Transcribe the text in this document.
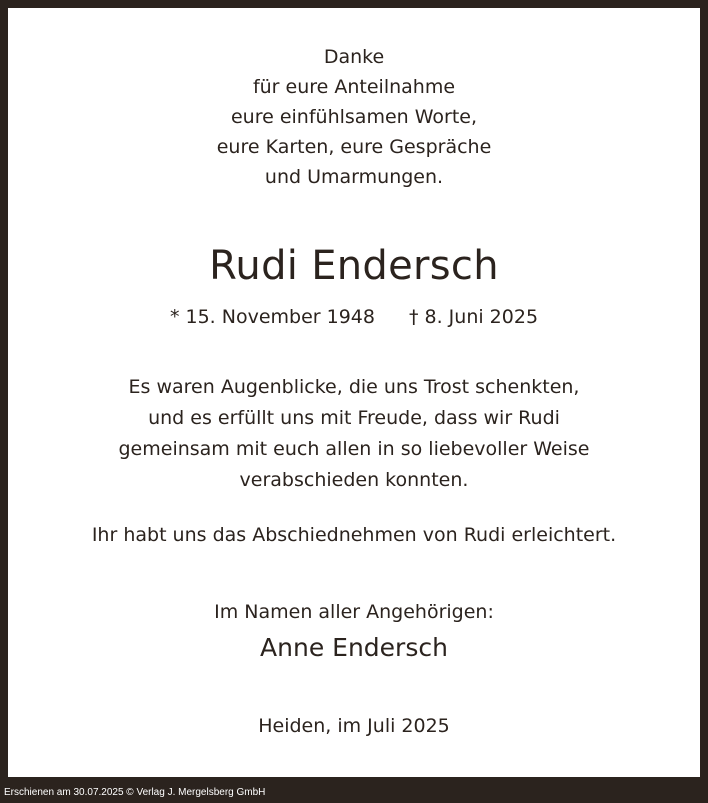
Danke
für eure Anteilnahme
eure einfühlsamen Worte,
eure Karten, eure Gespräche
und Umarmungen.
Rudi Endersch
* 15. November 1948 † 8. Juni 2025
Es waren Augenblicke, die uns Trost schenkten,
und es erfüllt uns mit Freude, dass wir Rudi
gemeinsam mit euch allen in so liebevoller Weise
verabschieden konnten.
Ihr habt uns das Abschiednehmen von Rudi erleichtert.
Im Namen aller Angehörigen:
Anne Endersch
Heiden, im Juli 2025
Erschienen am 30.07.2025 © Verlag J. Mergelsberg GmbH
